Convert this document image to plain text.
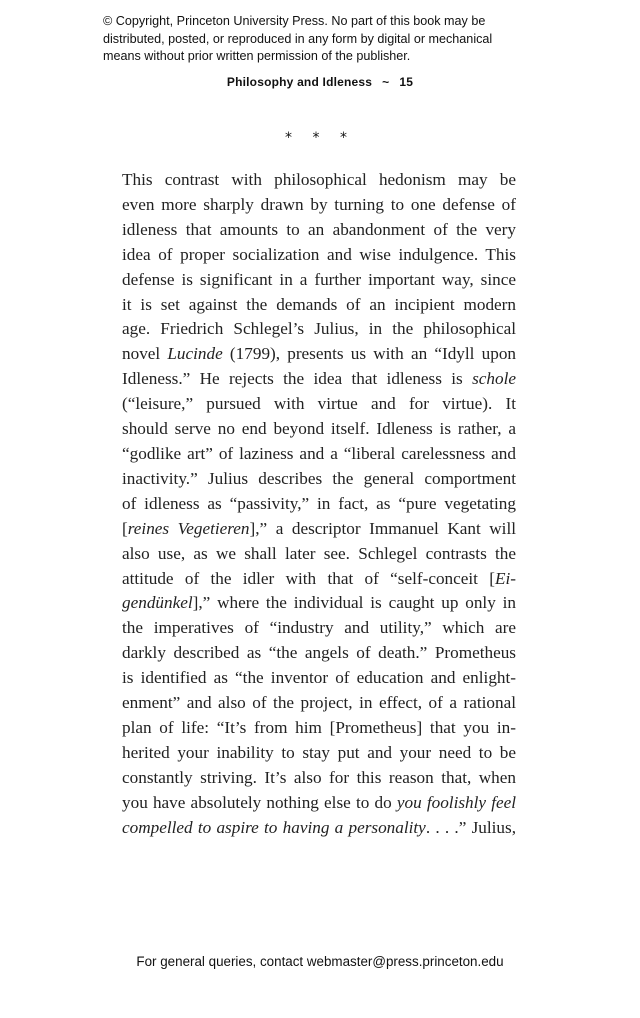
© Copyright, Princeton University Press. No part of this book may be
distributed, posted, or reproduced in any form by digital or mechanical
means without prior written permission of the publisher.
Philosophy and Idleness ~ 15
* * *
This contrast with philosophical hedonism may be
even more sharply drawn by turning to one defense of
idleness that amounts to an abandonment of the very
idea of proper socialization and wise indulgence. This
defense is significant in a further important way, since
it is set against the demands of an incipient modern
age. Friedrich Schlegel’s Julius, in the philosophical
novel Lucinde (1799), presents us with an “Idyll upon
Idleness.” He rejects the idea that idleness is schole
(“leisure,” pursued with virtue and for virtue). It
should serve no end beyond itself. Idleness is rather, a
“godlike art” of laziness and a “liberal carelessness and
inactivity.” Julius describes the general comportment
of idleness as “passivity,” in fact, as “pure vegetating
[reines Vegetieren],” a descriptor Immanuel Kant will
also use, as we shall later see. Schlegel contrasts the
attitude of the idler with that of “self-conceit [Ei-
gendünkel],” where the individual is caught up only in
the imperatives of “industry and utility,” which are
darkly described as “the angels of death.” Prometheus
is identified as “the inventor of education and enlight-
enment” and also of the project, in effect, of a rational
plan of life: “It’s from him [Prometheus] that you in-
herited your inability to stay put and your need to be
constantly striving. It’s also for this reason that, when
you have absolutely nothing else to do you foolishly feel
compelled to aspire to having a personality. . . .” Julius,
For general queries, contact webmaster@press.princeton.edu
